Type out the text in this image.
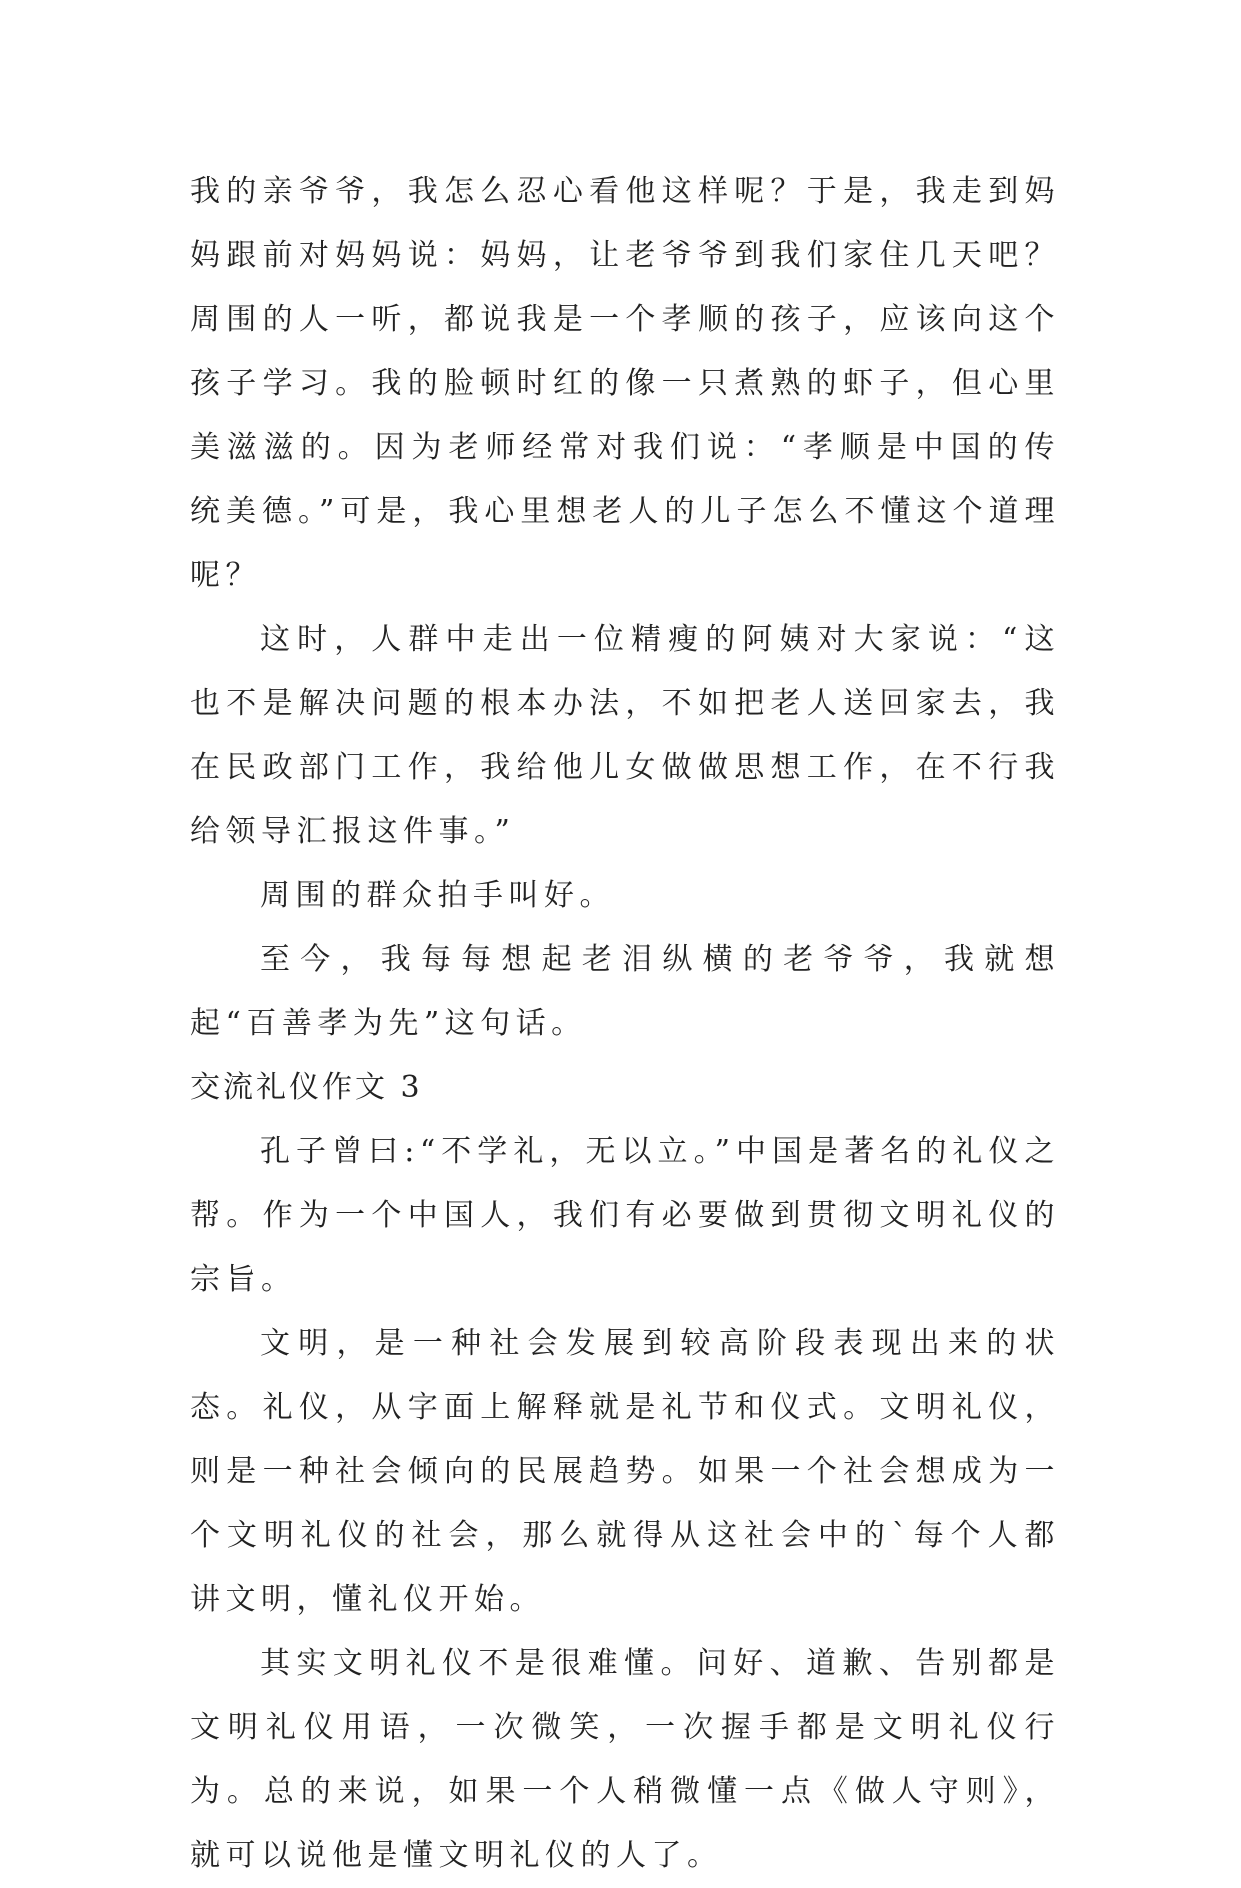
我的亲爷爷，我怎么忍心看他这样呢？于是，我走到妈妈跟前对妈妈说：妈妈，让老爷爷到我们家住几天吧？周围的人一听，都说我是一个孝顺的孩子，应该向这个孩子学习。我的脸顿时红的像一只煮熟的虾子，但心里美滋滋的。因为老师经常对我们说：“孝顺是中国的传统美德。”可是，我心里想老人的儿子怎么不懂这个道理呢？

这时，人群中走出一位精瘦的阿姨对大家说：“这也不是解决问题的根本办法，不如把老人送回家去，我在民政部门工作，我给他儿女做做思想工作，在不行我给领导汇报这件事。”

周围的群众拍手叫好。

至今，我每每想起老泪纵横的老爷爷，我就想起“百善孝为先”这句话。

交流礼仪作文 3

孔子曾曰:“不学礼，无以立。”中国是著名的礼仪之帮。作为一个中国人，我们有必要做到贯彻文明礼仪的宗旨。

文明，是一种社会发展到较高阶段表现出来的状态。礼仪，从字面上解释就是礼节和仪式。文明礼仪，则是一种社会倾向的民展趋势。如果一个社会想成为一个文明礼仪的社会，那么就得从这社会中的`每个人都讲文明，懂礼仪开始。

其实文明礼仪不是很难懂。问好、道歉、告别都是文明礼仪用语，一次微笑，一次握手都是文明礼仪行为。总的来说，如果一个人稍微懂一点《做人守则》，就可以说他是懂文明礼仪的人了。
